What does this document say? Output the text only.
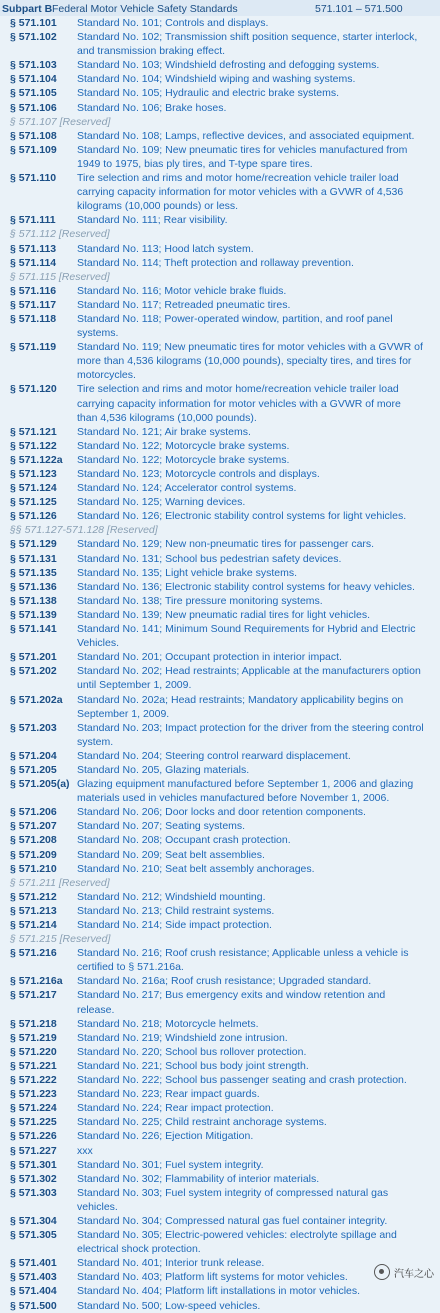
Subpart B Federal Motor Vehicle Safety Standards	571.101 – 571.500
§ 571.101	Standard No. 101; Controls and displays.
§ 571.102	Standard No. 102; Transmission shift position sequence, starter interlock, and transmission braking effect.
§ 571.103	Standard No. 103; Windshield defrosting and defogging systems.
§ 571.104	Standard No. 104; Windshield wiping and washing systems.
§ 571.105	Standard No. 105; Hydraulic and electric brake systems.
§ 571.106	Standard No. 106; Brake hoses.
§ 571.107 [Reserved]
§ 571.108	Standard No. 108; Lamps, reflective devices, and associated equipment.
§ 571.109	Standard No. 109; New pneumatic tires for vehicles manufactured from 1949 to 1975, bias ply tires, and T-type spare tires.
§ 571.110	Tire selection and rims and motor home/recreation vehicle trailer load carrying capacity information for motor vehicles with a GVWR of 4,536 kilograms (10,000 pounds) or less.
§ 571.111	Standard No. 111; Rear visibility.
§ 571.112 [Reserved]
§ 571.113	Standard No. 113; Hood latch system.
§ 571.114	Standard No. 114; Theft protection and rollaway prevention.
§ 571.115 [Reserved]
§ 571.116	Standard No. 116; Motor vehicle brake fluids.
§ 571.117	Standard No. 117; Retreaded pneumatic tires.
§ 571.118	Standard No. 118; Power-operated window, partition, and roof panel systems.
§ 571.119	Standard No. 119; New pneumatic tires for motor vehicles with a GVWR of more than 4,536 kilograms (10,000 pounds), specialty tires, and tires for motorcycles.
§ 571.120	Tire selection and rims and motor home/recreation vehicle trailer load carrying capacity information for motor vehicles with a GVWR of more than 4,536 kilograms (10,000 pounds).
§ 571.121	Standard No. 121; Air brake systems.
§ 571.122	Standard No. 122; Motorcycle brake systems.
§ 571.122a	Standard No. 122; Motorcycle brake systems.
§ 571.123	Standard No. 123; Motorcycle controls and displays.
§ 571.124	Standard No. 124; Accelerator control systems.
§ 571.125	Standard No. 125; Warning devices.
§ 571.126	Standard No. 126; Electronic stability control systems for light vehicles.
§§ 571.127-571.128 [Reserved]
§ 571.129	Standard No. 129; New non-pneumatic tires for passenger cars.
§ 571.131	Standard No. 131; School bus pedestrian safety devices.
§ 571.135	Standard No. 135; Light vehicle brake systems.
§ 571.136	Standard No. 136; Electronic stability control systems for heavy vehicles.
§ 571.138	Standard No. 138; Tire pressure monitoring systems.
§ 571.139	Standard No. 139; New pneumatic radial tires for light vehicles.
§ 571.141	Standard No. 141; Minimum Sound Requirements for Hybrid and Electric Vehicles.
§ 571.201	Standard No. 201; Occupant protection in interior impact.
§ 571.202	Standard No. 202; Head restraints; Applicable at the manufacturers option until September 1, 2009.
§ 571.202a	Standard No. 202a; Head restraints; Mandatory applicability begins on September 1, 2009.
§ 571.203	Standard No. 203; Impact protection for the driver from the steering control system.
§ 571.204	Standard No. 204; Steering control rearward displacement.
§ 571.205	Standard No. 205, Glazing materials.
§ 571.205(a) Glazing equipment manufactured before September 1, 2006 and glazing materials used in vehicles manufactured before November 1, 2006.
§ 571.206	Standard No. 206; Door locks and door retention components.
§ 571.207	Standard No. 207; Seating systems.
§ 571.208	Standard No. 208; Occupant crash protection.
§ 571.209	Standard No. 209; Seat belt assemblies.
§ 571.210	Standard No. 210; Seat belt assembly anchorages.
§ 571.211 [Reserved]
§ 571.212	Standard No. 212; Windshield mounting.
§ 571.213	Standard No. 213; Child restraint systems.
§ 571.214	Standard No. 214; Side impact protection.
§ 571.215 [Reserved]
§ 571.216	Standard No. 216; Roof crush resistance; Applicable unless a vehicle is certified to § 571.216a.
§ 571.216a	Standard No. 216a; Roof crush resistance; Upgraded standard.
§ 571.217	Standard No. 217; Bus emergency exits and window retention and release.
§ 571.218	Standard No. 218; Motorcycle helmets.
§ 571.219	Standard No. 219; Windshield zone intrusion.
§ 571.220	Standard No. 220; School bus rollover protection.
§ 571.221	Standard No. 221; School bus body joint strength.
§ 571.222	Standard No. 222; School bus passenger seating and crash protection.
§ 571.223	Standard No. 223; Rear impact guards.
§ 571.224	Standard No. 224; Rear impact protection.
§ 571.225	Standard No. 225; Child restraint anchorage systems.
§ 571.226	Standard No. 226; Ejection Mitigation.
§ 571.227	xxx
§ 571.301	Standard No. 301; Fuel system integrity.
§ 571.302	Standard No. 302; Flammability of interior materials.
§ 571.303	Standard No. 303; Fuel system integrity of compressed natural gas vehicles.
§ 571.304	Standard No. 304; Compressed natural gas fuel container integrity.
§ 571.305	Standard No. 305; Electric-powered vehicles: electrolyte spillage and electrical shock protection.
§ 571.401	Standard No. 401; Interior trunk release.
§ 571.403	Standard No. 403; Platform lift systems for motor vehicles.
§ 571.404	Standard No. 404; Platform lift installations in motor vehicles.
§ 571.500	Standard No. 500; Low-speed vehicles.
汽车之心
